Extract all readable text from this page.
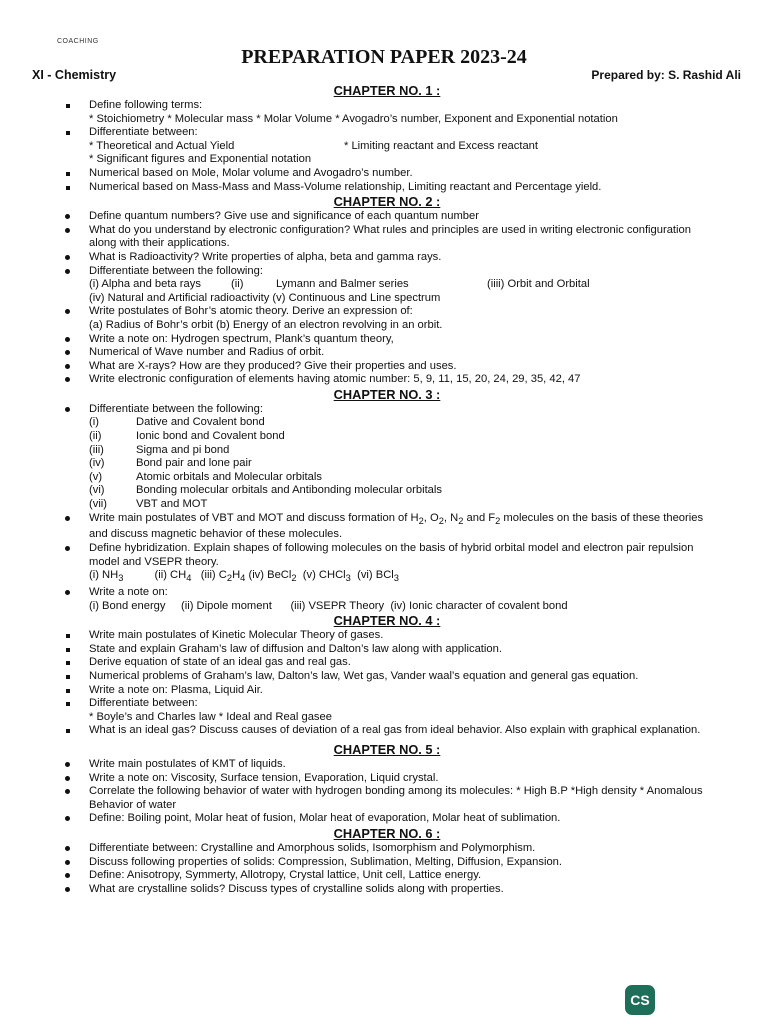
COACHING
PREPARATION PAPER 2023-24
XI - Chemistry	Prepared by: S. Rashid Ali
CHAPTER NO. 1 :
Define following terms:
* Stoichiometry * Molecular mass * Molar Volume * Avogadro’s number, Exponent and Exponential notation
Differentiate between:
* Theoretical and Actual Yield	* Limiting reactant and Excess reactant
* Significant figures and Exponential notation
Numerical based on Mole, Molar volume and Avogadro’s number.
Numerical based on Mass-Mass and Mass-Volume relationship, Limiting reactant and Percentage yield.
CHAPTER NO. 2 :
Define quantum numbers? Give use and significance of each quantum number
What do you understand by electronic configuration? What rules and principles are used in writing electronic configuration along with their applications.
What is Radioactivity? Write properties of alpha, beta and gamma rays.
Differentiate between the following:
(i) Alpha and beta rays	(ii)	Lymann and Balmer series	(iiii) Orbit and Orbital
(iv) Natural and Artificial radioactivity (v) Continuous and Line spectrum
Write postulates of Bohr’s atomic theory. Derive an expression of:
(a) Radius of Bohr’s orbit (b) Energy of an electron revolving in an orbit.
Write a note on: Hydrogen spectrum, Plank’s quantum theory,
Numerical of Wave number and Radius of orbit.
What are X-rays? How are they produced? Give their properties and uses.
Write electronic configuration of elements having atomic number: 5, 9, 11, 15, 20, 24, 29, 35, 42, 47
CHAPTER NO. 3 :
Differentiate between the following:
(i)	Dative and Covalent bond
(ii)	Ionic bond and Covalent bond
(iii)	Sigma and pi bond
(iv)	Bond pair and lone pair
(v)	Atomic orbitals and Molecular orbitals
(vi)	Bonding molecular orbitals and Antibonding molecular orbitals
(vii)	VBT and MOT
Write main postulates of VBT and MOT and discuss formation of $H_2$, $O_2$, $N_2$ and $F_2$ molecules on the basis of these theories and discuss magnetic behavior of these molecules.
Define hybridization. Explain shapes of following molecules on the basis of hybrid orbital model and electron pair repulsion model and VSEPR theory.
(i) $NH_3$	(ii) $CH_4$ (iii) $C_2H_4$ (iv) BeCl$_2$ (v) CHCl$_3$ (vi) BCl$_3$
Write a note on:
(i) Bond energy     (ii) Dipole moment      (iii) VSEPR Theory  (iv) Ionic character of covalent bond
CHAPTER NO. 4 :
Write main postulates of Kinetic Molecular Theory of gases.
State and explain Graham’s law of diffusion and Dalton’s law along with application.
Derive equation of state of an ideal gas and real gas.
Numerical problems of Graham’s law, Dalton’s law, Wet gas, Vander waal’s equation and general gas equation.
Write a note on: Plasma, Liquid Air.
Differentiate between:
* Boyle’s and Charles law * Ideal and Real gasee
What is an ideal gas? Discuss causes of deviation of a real gas from ideal behavior. Also explain with graphical explanation.
CHAPTER NO. 5 :
Write main postulates of KMT of liquids.
Write a note on: Viscosity, Surface tension, Evaporation, Liquid crystal.
Correlate the following behavior of water with hydrogen bonding among its molecules: * High B.P *High density * Anomalous Behavior of water
Define: Boiling point, Molar heat of fusion, Molar heat of evaporation, Molar heat of sublimation.
CHAPTER NO. 6 :
Differentiate between: Crystalline and Amorphous solids, Isomorphism and Polymorphism.
Discuss following properties of solids: Compression, Sublimation, Melting, Diffusion, Expansion.
Define: Anisotropy, Symmerty, Allotropy, Crystal lattice, Unit cell, Lattice energy.
What are crystalline solids? Discuss types of crystalline solids along with properties.
CS
